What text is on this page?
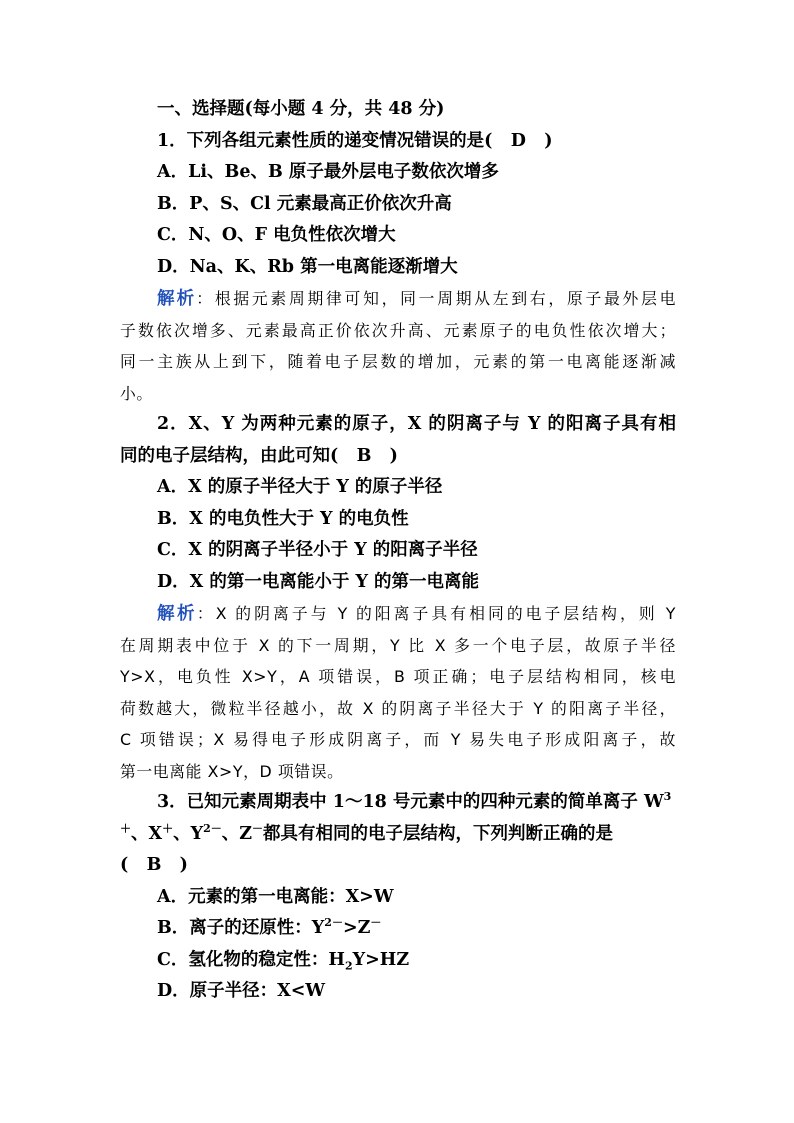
一、选择题(每小题 4 分，共 48 分)
1．下列各组元素性质的递变情况错误的是( D )
A．Li、Be、B 原子最外层电子数依次增多
B．P、S、Cl 元素最高正价依次升高
C．N、O、F 电负性依次增大
D．Na、K、Rb 第一电离能逐渐增大
解析：根据元素周期律可知，同一周期从左到右，原子最外层电
子数依次增多、元素最高正价依次升高、元素原子的电负性依次增大；
同一主族从上到下，随着电子层数的增加，元素的第一电离能逐渐减
小。
2．X、Y 为两种元素的原子，X 的阴离子与 Y 的阳离子具有相
同的电子层结构，由此可知( B )
A．X 的原子半径大于 Y 的原子半径
B．X 的电负性大于 Y 的电负性
C．X 的阴离子半径小于 Y 的阳离子半径
D．X 的第一电离能小于 Y 的第一电离能
解析：X 的阴离子与 Y 的阳离子具有相同的电子层结构，则 Y
在周期表中位于 X 的下一周期，Y 比 X 多一个电子层，故原子半径
Y>X，电负性 X>Y，A 项错误，B 项正确；电子层结构相同，核电
荷数越大，微粒半径越小，故 X 的阴离子半径大于 Y 的阳离子半径，
C 项错误；X 易得电子形成阴离子，而 Y 易失电子形成阳离子，故
第一电离能 X>Y，D 项错误。
3．已知元素周期表中 1～18 号元素中的四种元素的简单离子 $W^3$
＋、X＋、$Y^{2-}$、Z－都具有相同的电子层结构，下列判断正确的是
( B )
A．元素的第一电离能：X>W
B．离子的还原性：$Y^{2-}>Z^-$
C．氢化物的稳定性：$H_2Y>HZ$
D．原子半径：X<W
